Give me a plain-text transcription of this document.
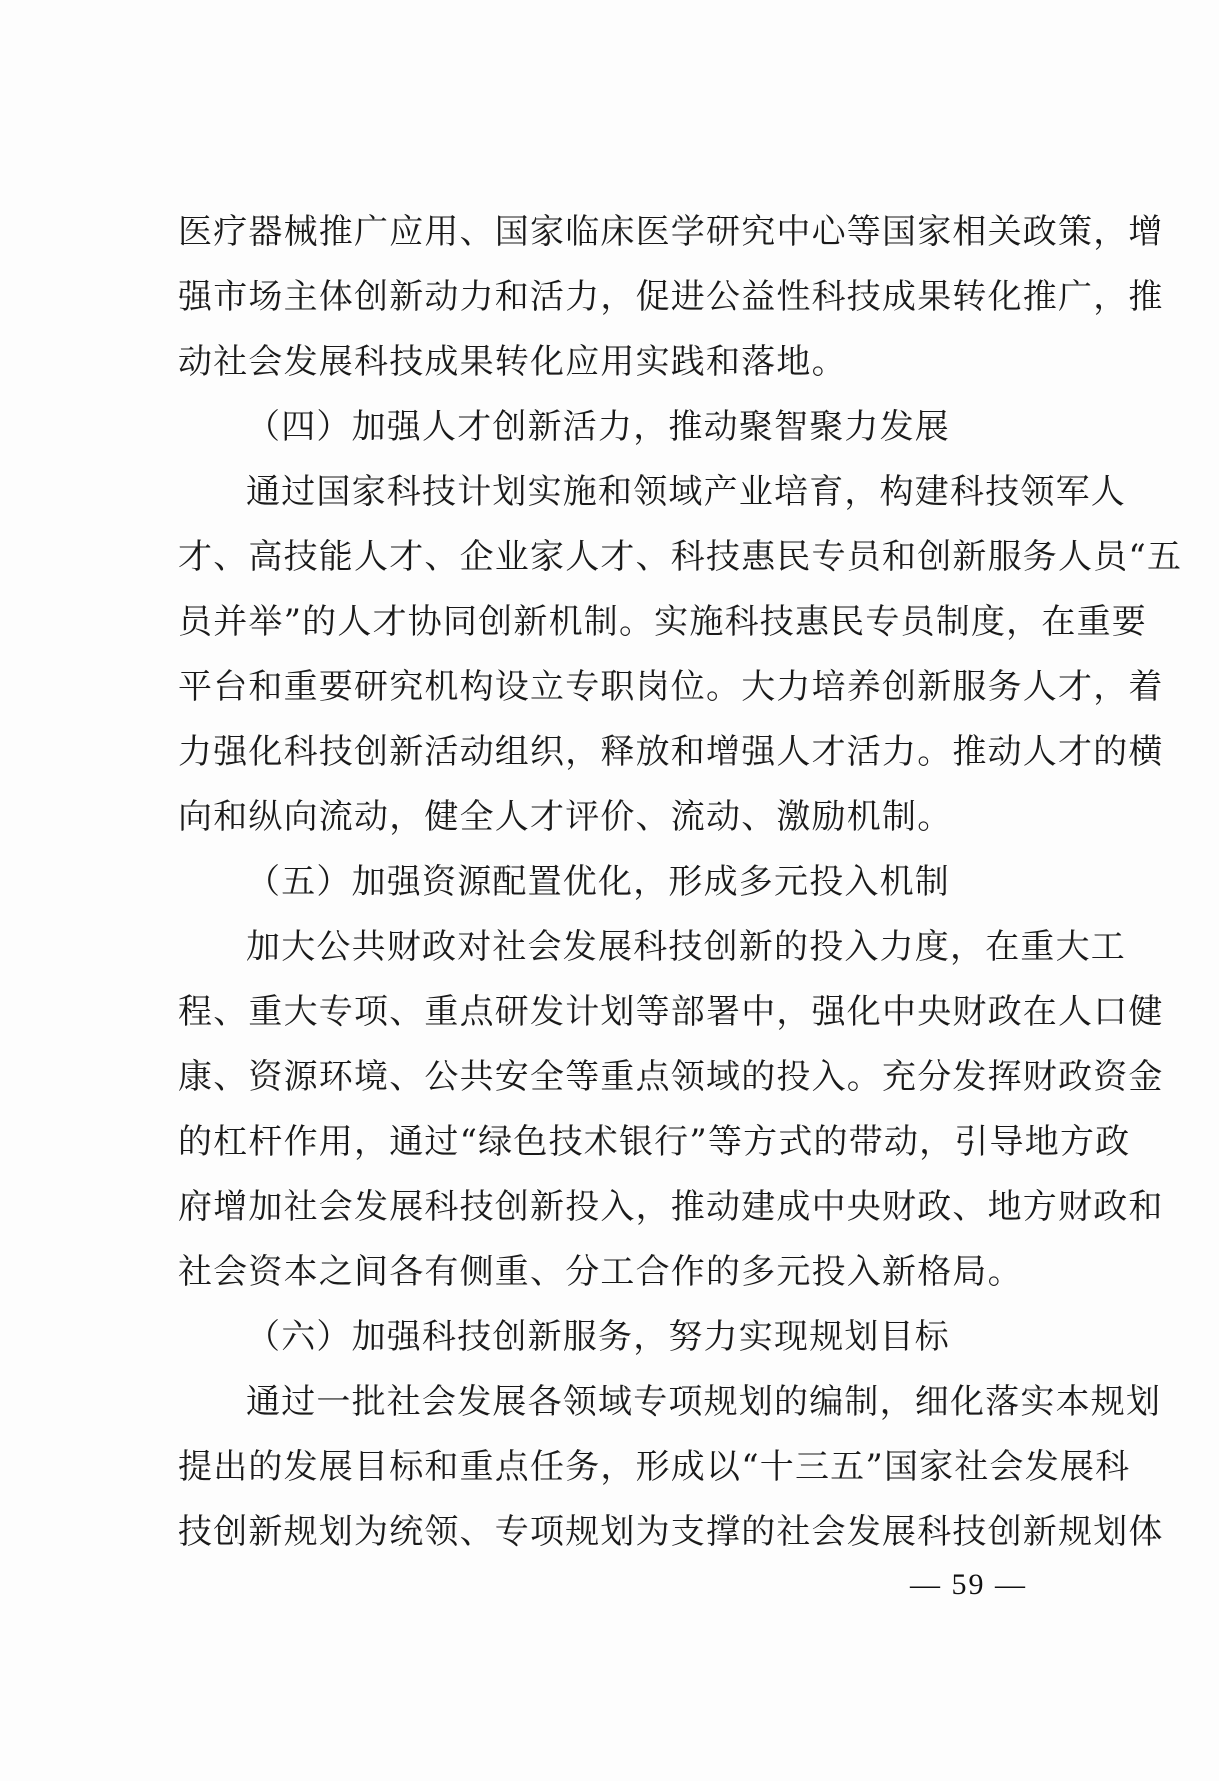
医疗器械推广应用、国家临床医学研究中心等国家相关政策，增
强市场主体创新动力和活力，促进公益性科技成果转化推广，推
动社会发展科技成果转化应用实践和落地。
（四）加强人才创新活力，推动聚智聚力发展
通过国家科技计划实施和领域产业培育，构建科技领军人
才、高技能人才、企业家人才、科技惠民专员和创新服务人员“五
员并举”的人才协同创新机制。实施科技惠民专员制度，在重要
平台和重要研究机构设立专职岗位。大力培养创新服务人才，着
力强化科技创新活动组织，释放和增强人才活力。推动人才的横
向和纵向流动，健全人才评价、流动、激励机制。
（五）加强资源配置优化，形成多元投入机制
加大公共财政对社会发展科技创新的投入力度，在重大工
程、重大专项、重点研发计划等部署中，强化中央财政在人口健
康、资源环境、公共安全等重点领域的投入。充分发挥财政资金
的杠杆作用，通过“绿色技术银行”等方式的带动，引导地方政
府增加社会发展科技创新投入，推动建成中央财政、地方财政和
社会资本之间各有侧重、分工合作的多元投入新格局。
（六）加强科技创新服务，努力实现规划目标
通过一批社会发展各领域专项规划的编制，细化落实本规划
提出的发展目标和重点任务，形成以“十三五”国家社会发展科
技创新规划为统领、专项规划为支撑的社会发展科技创新规划体
— 59 —
